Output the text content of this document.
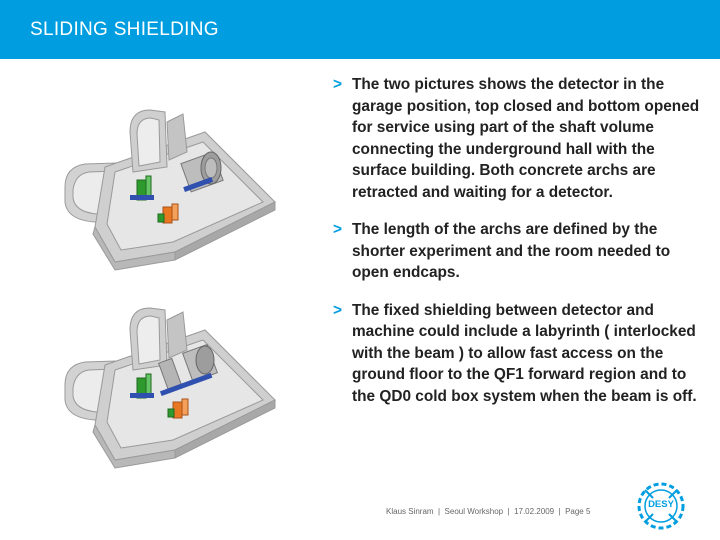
SLIDING SHIELDING
> The two pictures shows the detector in the garage position, top closed and bottom opened for service using part of the shaft volume connecting the underground hall with the surface building. Both concrete archs are retracted and waiting for a detector.
> The length of the archs are defined by the shorter experiment and the room needed to open endcaps.
> The fixed shielding between detector and machine could include a labyrinth ( interlocked with the beam ) to allow fast access on the ground floor to the QF1 forward region and to the QD0 cold box system when the beam is off.
Klaus Sinram  |  Seoul Workshop  |  17.02.2009  |  Page 5
DESY
